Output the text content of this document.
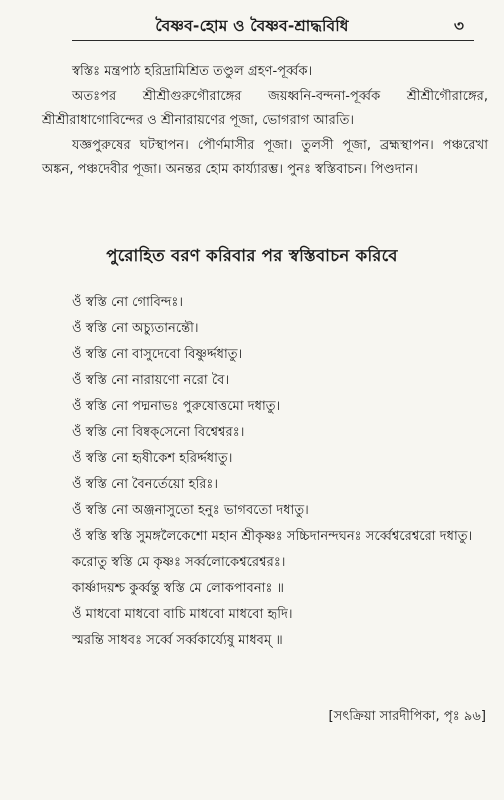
বৈষ্ণব-হোম ও বৈষ্ণব-শ্রাদ্ধবিধি	৩

স্বস্তিঃ মন্ত্রপাঠ হরিদ্রামিশ্রিত তণ্ডুল গ্রহণ-পূর্ব্বক।

অতঃপর শ্রীশ্রীগুরুগৌরাঙ্গের জয়ধ্বনি-বন্দনা-পূর্ব্বক শ্রীশ্রীগৌরাঙ্গের, শ্রীশ্রীরাধাগোবিন্দের ও শ্রীনারায়ণের পূজা, ভোগরাগ আরতি।

যজ্ঞপুরুষের ঘটস্থাপন। পৌর্ণমাসীর পূজা। তুলসী পূজা, ব্রহ্মস্থাপন। পঞ্চরেখা অঙ্কন, পঞ্চদেবীর পূজা। অনন্তর হোম কার্য্যারম্ভ। পুনঃ স্বস্তিবাচন। পিণ্ডদান।

পুরোহিত বরণ করিবার পর স্বস্তিবাচন করিবে

ওঁ স্বস্তি নো গোবিন্দঃ।

ওঁ স্বস্তি নো অচ্যুতানন্তৌ।

ওঁ স্বস্তি নো বাসুদেবো বিষ্ণুর্দ্দধাতু।

ওঁ স্বস্তি নো নারায়ণো নরো বৈ।

ওঁ স্বস্তি নো পদ্মনাভঃ পুরুষোত্তমো দধাতু।

ওঁ স্বস্তি নো বিষ্বক্‌সেনো বিশ্বেশ্বরঃ।

ওঁ স্বস্তি নো হৃষীকেশ হরির্দ্দধাতু।

ওঁ স্বস্তি নো বৈনর্তেয়ো হরিঃ।

ওঁ স্বস্তি নো অঞ্জনাসুতো হনুঃ ভাগবতো দধাতু।

ওঁ স্বস্তি স্বস্তি সুমঙ্গলৈকেশো মহান শ্রীকৃষ্ণঃ সচ্চিদানন্দঘনঃ সর্ব্বেশ্বরেশ্বরো দধাতু।

করোতু স্বস্তি মে কৃষ্ণঃ সর্ব্বলোকেশ্বরেশ্বরঃ।

কার্ষ্ণাদয়শ্চ কুর্ব্বন্তু স্বস্তি মে লোকপাবনাঃ ॥

ওঁ মাধবো মাধবো বাচি মাধবো মাধবো হৃদি।

স্মরন্তি সাধবঃ সর্ব্বে সর্ব্বকার্য্যেষু মাধবম্ ॥

[সৎক্রিয়া সারদীপিকা, পৃঃ ৯৬]
